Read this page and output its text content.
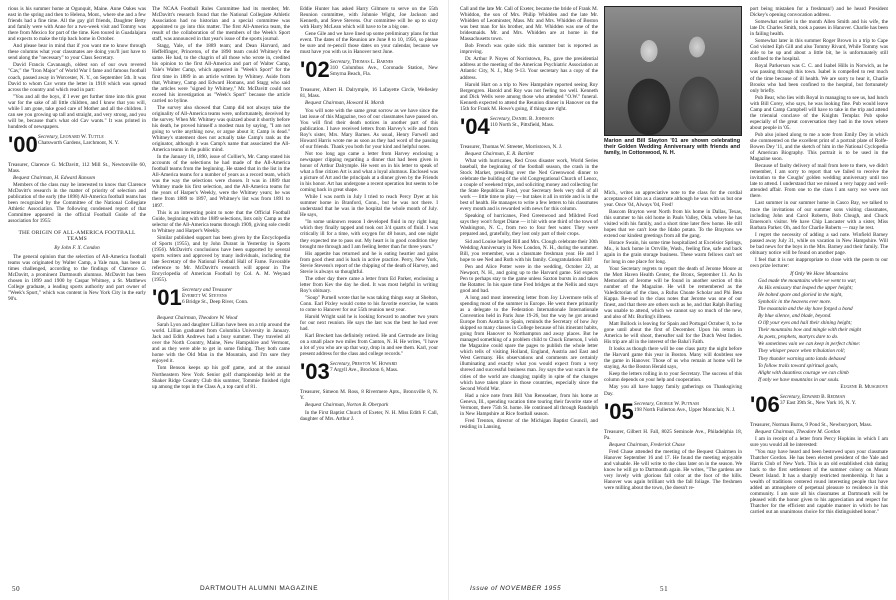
rious is his summer home at Ogunquit, Maine. Anne Oakes was east in the spring and then to Helena, Mont., where she and a few friends had a fine time. All the gay girl friends, Daughter Betty and family were with Anne for a two-week visit and Tommy was there from Mexico for part of the time. Ken toured in Guadalajara and expects to make the trip back home in October.

And please bear in mind that if you want me to know through these columns what your classmates are doing you'll just have to send along the "necessary" to your Class Secretary.

David Francis Cavanaugh, oldest son of our own revered "Cav," the "Iron Major" of World War I fame and famous football coach, passed away in Worcester, N. Y., on September 5th. It was David to whom Cav wrote the letter in 1918 which was spread across the country and which read in part:

"You and all the boys, if I ever get further time into this great war for the sake of all little children, and I know that you will, while I am gone, take good care of Mother and all the children. I can see you growing up tall and straight, and very strong, and you will be, because that's what old Cav wants." It was printed in hundreds of newspapers.

'00 Secretary, Leonard W. Tuttle
Chatsworth Gardens, Larchmont, N. Y.

Treasurer, Clarence G. McDavitt, 112 Mill St., Newtonville 60, Mass.

Bequest Chairman, H. Edward Ransom

Members of the class may be interested to know that Clarence McDavitt's research in the matter of priority of selection and publication of the early (the 1898) All-America football teams has been recognized by the Committee of the National Collegiate Athletic Association. The following condensed report of that Committee appeared in the official Football Guide of the association for 1955:

THE ORIGIN OF ALL-AMERICA FOOTBALL TEAMS
By John F. X. Condon

The general opinion that the selection of All-America football teams was originated by Walter Camp, a Yale man, has been at times challenged, according to the findings of Clarence G. McDavitt, a prominent Dartmouth alumnus. McDavitt has been chosen in 1899 and 1900 by Caspar Whitney, a St. Matthews College graduate, a leading sports authority and part owner of "Week's Sport," which was content in New York City in the early 90's.

The NCAA Football Rules Committee had its member, Mr. McDavitt's research found that the National Collegiate Athletic Association had no historian and a special committee was appointed to go into this matter. The first All-America team, the result of the collaboration of the members of the Week's Sport staff, was announced in that year's issue of the sports journal.

Stagg, Yale, of the 1889 team; and Dean Harvard, and Heffelfinger, Princeton, of the 1890 team could Whitney's the same. He had, to the chagrin of all those who wrote in, credited his opinion to the first All-America and part of Walter Camp, Yale's Walter Camp, which appeared in "Week's Sport" for the first time in 1889 in an article written by Whitney. Aside from that, Whitney, Camp and Edward Homans, and Stagg who said the articles were "signed by Whitney," Mr. McDavitt could not exceed his investigation as "Week's Sport" because the article carried no byline.

The survey also showed that Camp did not always take the originality of All-America teams were, unfortunately, deceived by the survey. When Mr. Whitney was quizzed about it shortly before his death, he proved himself a modest man by saying, "I am not going to write anything now, or argue about it; Camp is dead." Whitney's statement does not actually take Camp's rank as the originator, although it was Camp's name that associated the All-America teams in the public mind.

In the January 18, 1890, issue of Collier's, Mr. Camp stated his accounts of the selections he had made of the All-America football teams from the beginning. He stated that in the list in the All-America teams for a number of years as a record team, which was the way the selections were chosen. It was in 1889 that Whitney made his first selection, and the All-America teams for the years of Harper's Weekly, were the Whitney years; he was there from 1889 to 1897, and Whitney's list was from 1891 to 1897.

This is an interesting point to note that the Official Football Guide, beginning with the 1889 selections, lists only Camp as the selector of the All-America teams through 1909, giving sole credit to Whitney and Harper's Weekly.

Similar published support has been given by the Encyclopedia of Sports (1955), and by John Durant in Yesterday in Sports (1956). McDavitt's conclusions have been supported by several sports writers and approved by many individuals, including the late Secretary of the National Football Hall of Fame. Favorable reference to Mr. McDavitt's research will appear in The Encyclopedia of American Football by Col. A. M. Weyand (1955).

'01 Secretary and Treasurer
Everett W. Stevens
6 Bridge St., Deep River, Conn.

Bequest Chairman, Theodore W. Wood

Sarah Lyon and daughter Lillian have been on a trip around the world. Lillian graduated from Columbia University in January. Jack and Edith Andrews had a busy summer. They traveled all over the North Country, Maine, New Hampshire and Vermont, and as they were able to get in some fishing. They both came home with the Old Man in the Mountain, and I'm sure they enjoyed it.

Tom Benson keeps up his golf game, and at the annual Northeastern New York Senior golf championship held at the Shaker Ridge Country Club this summer, Tommie finished right up among the tops in the Class A, a top card of 81.

Eddie Hunter has asked Harry Gilmore to serve on the 55th Reunion committee, with Johnnie Wight, Joe Jackson and Kenneth, and Steve Stevens. Our committee will be up to sixty with Harry McLean which will have to be a big one.

Gene Gile and we have lined up some preliminary plans for that event. The dates of the Reunion are June 8 to 10, 1956, so please be sure and re-pencil those dates on your calendar, because we must have you with us in Hanover next June.

'02 Secretary, Thomas L. Barnes
310 Columbus Ave., Coronado Station, New Smyrna Beach, Fla.

Treasurer, Albert H. Dalrymple, 16 Lafayette Circle, Wellesley 81, Mass.

Bequest Chairman, Howard H. Marsh

You will note with the same great sorrow as we have since the last issue of this Magazine, two of our classmates have passed on. You will find their death notices in another part of this publication. I have received letters from Harvey's wife and from Roy's sister, Mrs. Mary Barnes. As usual, Henry Farwell and Howard Harris wrote me as soon as they had word of the passing of our friends. Thank you both for your kind and helpful notes.

Not too long ago came a letter from Harvey enclosing a newspaper clipping regarding a dinner that had been given in honor of Arthur Dalrymple. He went on in his letter to speak of what a fine citizen Art is and what a loyal alumnus. Enclosed was a picture of Art and the principals at a dinner given by the Friends in his honor. Art has undergone a recent operation but seems to be coming back in great shape.

While I was north in July I tried to reach Percy Dyer at his summer home in Branford, Conn., but he was not there. I understand that he was in the hospital the whole month of July. He says,

"In some unknown reason I developed fluid in my right lung which they finally tapped and took out 3/4 quarts of fluid. I was critically ill for a time, with oxygen for 48 hours, and one night they expected me to pass out. My heart is in good condition they brought me through and I am feeling better than for three years."

His appetite has returned and he is eating heartier and gains from good chest and is back in active practice. Perry, New York, Stevie Stevens's report of the chipping of the death of Harvey, and Stevie is always so thoughtful.

The other day there came a letter from Ed Parker, enclosing a letter from Kev the day he died. It was most helpful in writing Roy's obituary.

"Soup" Purnell wrote that he was taking things easy at Shelton, Conn. Earl Pixley would come to his favorite exercise, he wants to come to Hanover for our 55th reunion next year.

Harold Wright said he is looking forward to another two years for our next reunion. He says the last was the best he had ever had.

Karl Breckett has definitely retired. He and Gertrude are living on a small place two miles from Canton, N. H. He writes, "I have a lot of you who are up that way, drop in and see them. Karl, your present address for the class and college records."

'03 Secretary, Preston W. Howard
7 Argyll Ave., Brockton 6, Mass.

Treasurer, Simeon M. Ross, 8 Rivermere Apts., Bronxville 8, N. Y.

Bequest Chairman, Norton B. Oberpark

In the First Baptist Church of Exeter, N. H. Miss Edith F. Call, daughter of Mrs. Arthur J.

Call and the late Mr. Call of Exeter, became the bride of Frank M. Whiddon, the son of Mrs. Philip Whidden and the late Mr. Whidden of Leominster, Mass. Mr. and Mrs. Whidden of Boston was best man for his brother, and Mr. Whidden was one of the bridesmaids. Mr. and Mrs. Whidden are at home in the Massachusetts town.

Bob French was quite sick this summer but is reported as improving.

Dr. Arthur P. Noyes of Norristown, Pa., gave the presidential address at the meeting of the American Psychiatric Association at Atlantic City, N. J., May 9-13. Your secretary has a copy of the address.

Harold Hart on a trip to New Hampshire reported seeing Roy Bergengren. Harold and Roy was not feeling too well. Kenneth and Dick Wells were among those who attended "O.W." funeral. Kenneth expected to attend the Reunion dinner in Hanover on the 15th for Frank M. Howe's going, if things are right.

'04 Secretary, Daniel B. Johnson
110 North St., Pittsfield, Mass.

Treasurer, Thomas W. Streeter, Morristown, N. J.

Bequest Chairman, E. R. Bartlett

What with hurricanes, Red Cross disaster work, World Series baseball, the beginning of the football season, the crash in the Stock Market, presiding over the Ned Greenwood dinner to celebrate the building of the old Congregational Church of Lenox, a couple of weekend trips, and soliciting money and collecting for the State Republican Fund, your Secretary feels very dull of all work — little time to play — but takes it all in stride and is in the best of health. He manages to write a few letters to his classmates every month and is rewarded with news for this column.

Speaking of hurricanes, Fred Greenwood and Mildred Ford says they won't forget Diane — it hit with one third of the town of Washington, N. C., from two to four feet water. They were prepared and, gratefully, they lost only part of their crops.

Sid and Louise helped Bill and Mrs. Clough celebrate their 30th Wedding Anniversary in New London, N. H., during the summer. Bill, you remember, was a classmate freshman year. He and I hope to see Ned and Ruth with his family. Congratulations Bill!

Pen and Alice Potter were in the wedding, October 22, at Newport, N. H., and going up to the Harvard game. Sid expects Pen to perhaps stay to the game unless Saxton bursts in and takes the Rotatter. In his spare time Fred bridges at the Nellis and stays good and bad.

A long and most interesting letter from Joy Livermore tells of spending most of the summer in Europe. He went there primarily as a delegate to the Federation Internationale Internationale Convention held in Paris June 19-26, but the way he got around Europe from Austria to Spain, reminds the Secretary of how Joy skipped so many classes in College because of his itinerant habits, going from Hanover to Northampton and away places. But he managed something of a problem child to Chuck Emerson, I wish the Magazine could spare the pages to publish the whole letter which tells of visiting Holland, England, Austria and East and West Germany. His observations and comments are certainly illuminating and exactly what you would expect from a very shrewd and successful business man. Joy says the war scars in the cities of the world are changing rapidly in spite of the changes which have taken place in those countries, especially since the Second World War.

Had a nice note from Bill Van Rensselaer, from his home at Geneva, Ill., spending vacation time touring their favorite state of Vermont, there 75th St. home. He continued all through Randolph in New Hampshire at Rice football season.

Fred Trenton, director of the Michigan Baptist Council, and residing in Lansing,

Marion and Bill Slayton '01 are shown celebrating their Golden Wedding Anniversary with friends and family, in Cottonwood, N. H.

Mich., writes an appreciative note to the class for the cordial acceptance of him as a classmate although he was with us but one year. Once '04, Always '04, Fred!

Bascom Brayton went North from his home in Dallas, Texas, this summer to his old home in Pauls Valley, Okla. where he has visited with his family, and a short time later flew home. He still hopes that we can't lose the Idaho potato. To the Braytons we extend our kindest greetings from all the gang.

Horace Swain, his some time hospitalized at Excelsior Springs, Mo., is back home in Orrville, Wash., feeling fine, safe and back again in the grain storage business. These warm fellows can't set for long in one place for long.

Your Secretary regrets to report the death of Jerome Moore at the Mott Haven Health Center, the Bronx, September 11. An In Memoriam of Jerome will be found in another section of this number of the Magazine. He will be remembered as the Valedictorian of the class, a Rufus Choate Scholar and Phi Beta Kappa. Re-read in the class notes that Jerome was one of our finest, and that there are others such as he, and that Ralph Burling was unable to attend, which we cannot say so much of the new, and also of Mr. Burling's illness.

Matt Bullock is leaving for Spain and Portugal October 8, to be gone until about the first of December. Upon his return in America he will shoot, thereafter sail for the Dutch West Indies. His trip are all in the interest of the Baha'i Faith.

It looks as though there will be one class party the night before the Harvard game this year in Boston. Many will doubtless see the game in Hanover. Those of us who remain at home will be staying, As the Boston Herald says,

Keep the letters rolling in to your Secretary. The success of this column depends on your help and cooperation.

May you all have happy family gatherings on Thanksgiving Day.

'05 Secretary, George W. Putnam
198 North Fullerton Ave., Upper Montclair, N. J.

Treasurer, Gilbert H. Fall, 8025 Seminole Ave., Philadelphia 18, Pa.

Bequest Chairman, Frederick Chase

Fred Chase attended the meeting of the Bequest Chairmen in Hanover September 16 and 17. He found the meeting enjoyable and valuable. He will write to the class later on in the season. We know he will go to Dartmouth again. He writes, "The gardens are very lovely with glorious fall color at the foot of the hills. Hanover was again brilliant with the fall foliage. The freshmen were milling about the town, (he doesn't re-

port being mistaken for a freshman!) and he heard President Dickey's opening convocation address.

Somewhat earlier in the month Allen Smith and his wife, the late Dr. Charles Smith, took a passes in Hanover. Charlie has been in failing health.

Somewhat later in this summer Roger Brown in a trip to Cape Cod visited Eph Gill and also Tommy Rivard, While Tommy was able to be up and about a little bit, he is unfortunately still confined to the hospital.

Royal Parkerson was C. C. and Isabel Hills in Norwich, as he was passing through this town. Isabel is compelled to rest much of the time because of ill health. We are sorry to hear it, Charlie Brooks who had been confined to the hospital, but fortunately only briefly.

Pub Bear, who lies with Royal in managing to see us, had lunch with Bill Corey, who says, he was looking fine. Pub would leave Camp and Camp Campbell will have to take in the trip and attend the triennial conclave of the Knights Templar. Pub spoke especially of the great conversation they had in the town where about people in '05.

Pub also joined along to me a note from Emily Dey in which she commented on the excellent print of a portrait plate of Rolfe-Bowen Dey '11, and the sketch of him in the National Cyclopedia of American Biography. This portrait is to be used in the Magazine soon.

Because of faulty delivery of mail from here to there, we didn't remember, I am sorry to report that we failed to receive the invitation to the Coughs' golden wedding anniversary until too late to attend. I understand that we missed a very happy and well-attended affair. From one to the class I am sorry we were not there.

Last summer in our summer home in Casco Bay, we talked to trace the invitations of our summer sons visiting classmates, including John and Carol Roberts, Bob Clough, and Chuck Emerson's visitor. We have Chip Lancaster with a sister, Miss Barbara Parker. Oh, and for Charlie Roberts — may he rest.

I regret the necessity of adding a sad note. Winfield Barney passed away July 31, while on vacation in New Hampshire. Will be bad news for the boys in the Mrs. Barney and their family. The obituary notice will be found on another page.

I feel that it is not inappropriate to close with the poem to our own prize lecturer:

If Only We Have Mountains
God made the mountains while we went to war,
As His emissary that leaped the upper height;
He bolted spare and gloried in the night,
Symbolic in the heavens ever more.
The mountain and the sky have forged a bond
By blue silence, and blade, beyond.
O lift your eyes and hail their shining height;
Their mountains bow and mingle with their might
As poets, prophets, martyrs dare to do.
We sometimes vain we can keep in perfect chime:
They whisper peace when tribulation roll;
They thunder warning unto lands debased
To follow trails toward spiritual goals,
Alight with dauntless courage we can climb
If only we have mountains in our souls.

Eugene B. Musgrove

'06 Secretary, Edward B. Redman
37 East 39th St., New York 16, N. Y.

Treasurer, Norman Burns, 9 Pond St., Newburyport, Mass.

Bequest Chairman, Theodore M. Gordon

I am in receipt of a letter from Percy Hopkins in which I am sure you would all be interested:

"You may have heard and been bestowed upon your classmate Thatcher Gordon. He has been elected president of the Yale and Harris Club of New York. This is an old established club dating back to the first settlement of the summer colony on Mount Desert Island. It has a sharply restricted membership. It has a wealth of traditions centered round interesting people that have added an atmosphere of perpetual pleasure to residence in this community. I am sure all his classmates at Dartmouth will be pleased with the honor given to his appreciation and respect for Thatcher for the efficient and capable manner in which he has carried out an unanimous choice for this distinguished honor."

50	DARTMOUTH ALUMNI MAGAZINE	Issue of NOVEMBER 1955	51
